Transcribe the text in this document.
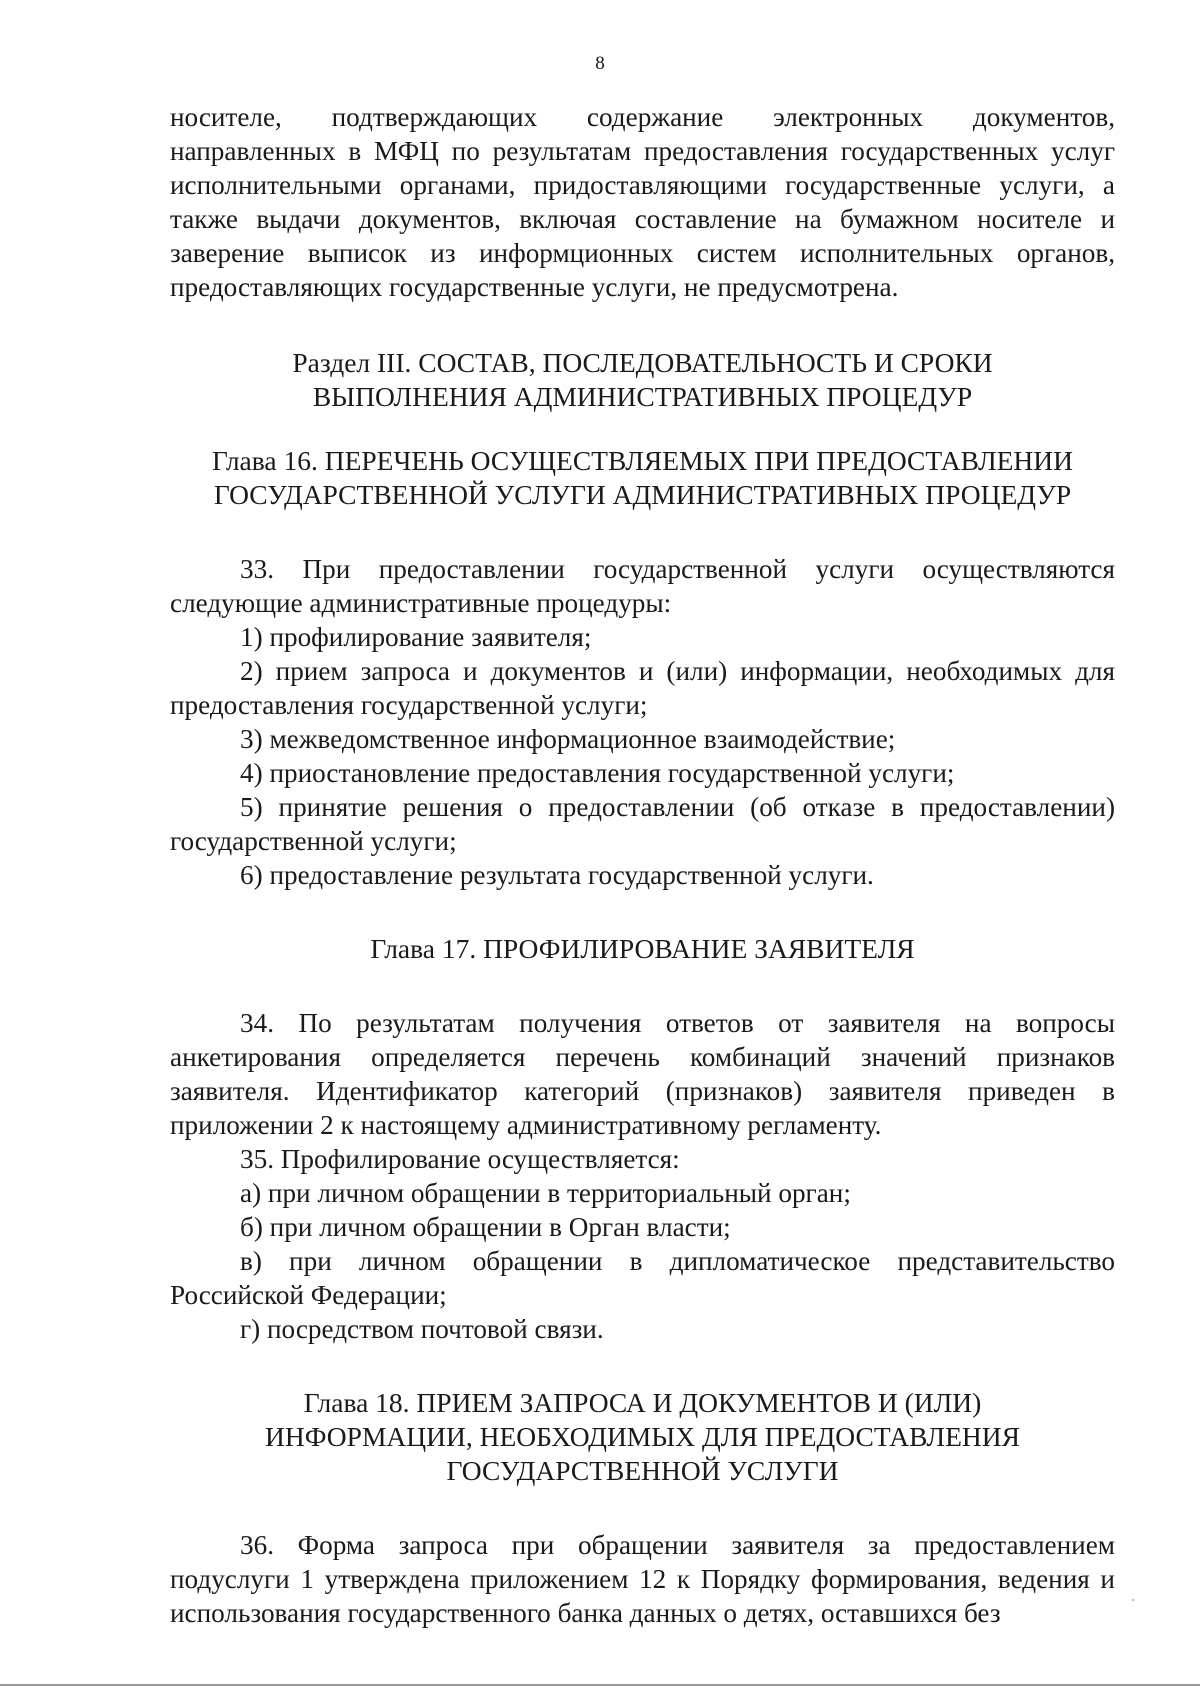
8

носителе, подтверждающих содержание электронных документов, направленных в МФЦ по результатам предоставления государственных услуг исполнительными органами, придоставляющими государственные услуги, а также выдачи документов, включая составление на бумажном носителе и заверение выписок из информционных систем исполнительных органов, предоставляющих государственные услуги, не предусмотрена.

Раздел III. СОСТАВ, ПОСЛЕДОВАТЕЛЬНОСТЬ И СРОКИ ВЫПОЛНЕНИЯ АДМИНИСТРАТИВНЫХ ПРОЦЕДУР

Глава 16. ПЕРЕЧЕНЬ ОСУЩЕСТВЛЯЕМЫХ ПРИ ПРЕДОСТАВЛЕНИИ ГОСУДАРСТВЕННОЙ УСЛУГИ АДМИНИСТРАТИВНЫХ ПРОЦЕДУР

33. При предоставлении государственной услуги осуществляются следующие административные процедуры:

1) профилирование заявителя;

2) прием запроса и документов и (или) информации, необходимых для предоставления государственной услуги;

3) межведомственное информационное взаимодействие;

4) приостановление предоставления государственной услуги;

5) принятие решения о предоставлении (об отказе в предоставлении) государственной услуги;

6) предоставление результата государственной услуги.

Глава 17. ПРОФИЛИРОВАНИЕ ЗАЯВИТЕЛЯ

34. По результатам получения ответов от заявителя на вопросы анкетирования определяется перечень комбинаций значений признаков заявителя. Идентификатор категорий (признаков) заявителя приведен в приложении 2 к настоящему административному регламенту.

35. Профилирование осуществляется:

а) при личном обращении в территориальный орган;

б) при личном обращении в Орган власти;

в) при личном обращении в дипломатическое представительство Российской Федерации;

г) посредством почтовой связи.

Глава 18. ПРИЕМ ЗАПРОСА И ДОКУМЕНТОВ И (ИЛИ) ИНФОРМАЦИИ, НЕОБХОДИМЫХ ДЛЯ ПРЕДОСТАВЛЕНИЯ ГОСУДАРСТВЕННОЙ УСЛУГИ

36. Форма запроса при обращении заявителя за предоставлением подуслуги 1 утверждена приложением 12 к Порядку формирования, ведения и использования государственного банка данных о детях, оставшихся без
